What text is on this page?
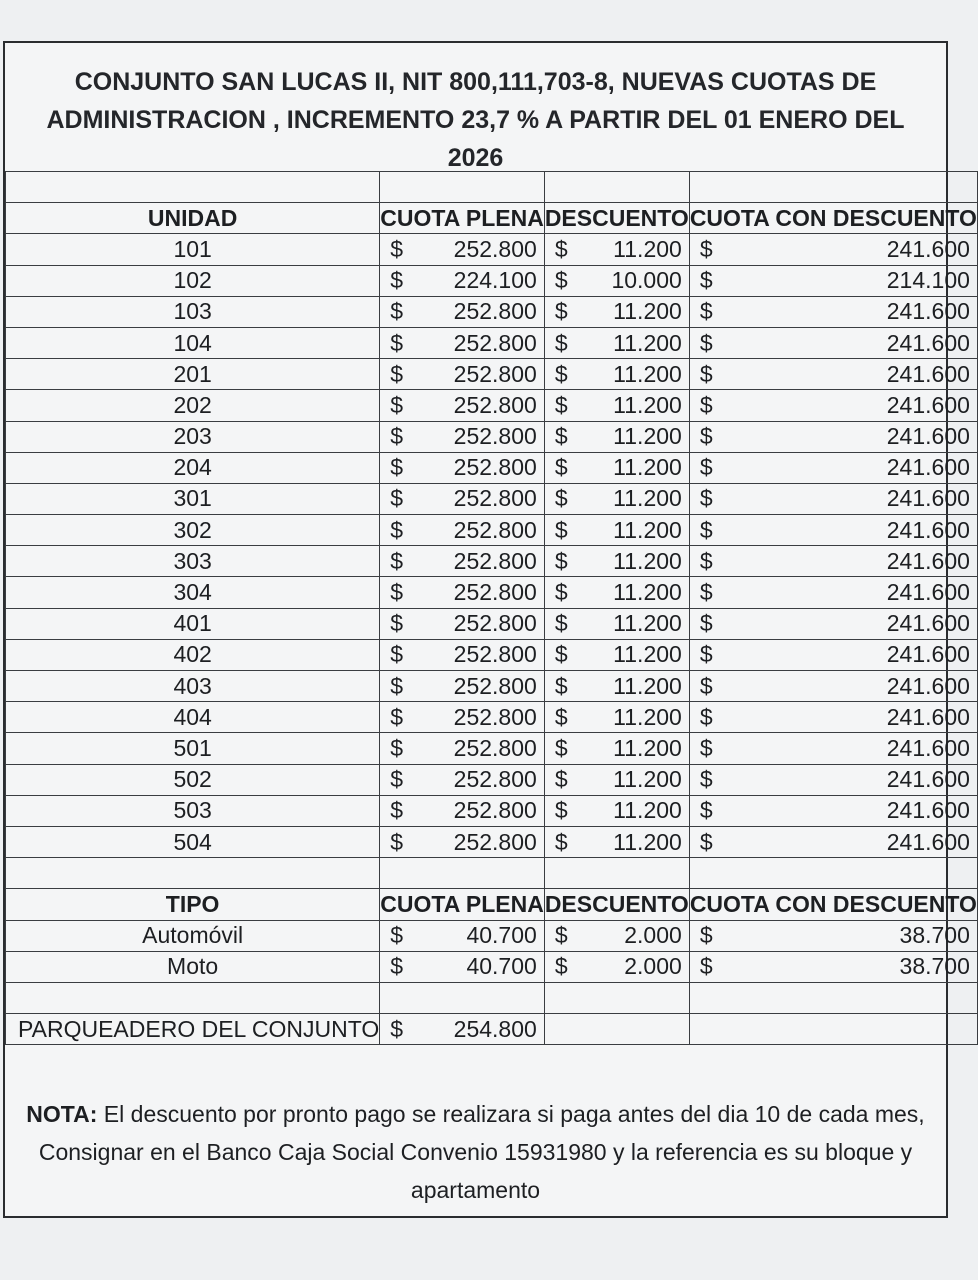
CONJUNTO SAN LUCAS II, NIT 800,111,703-8, NUEVAS CUOTAS DE
ADMINISTRACION , INCREMENTO 23,7 % A PARTIR DEL 01 ENERO DEL
2026

UNIDAD	CUOTA PLENA	DESCUENTO	CUOTA CON DESCUENTO
101	$ 252.800	$ 11.200	$ 241.600

102	$ 224.100	$ 10.000	$ 214.100

103	$ 252.800	$ 11.200	$ 241.600

104	$ 252.800	$ 11.200	$ 241.600

201	$ 252.800	$ 11.200	$ 241.600

202	$ 252.800	$ 11.200	$ 241.600

203	$ 252.800	$ 11.200	$ 241.600

204	$ 252.800	$ 11.200	$ 241.600

301	$ 252.800	$ 11.200	$ 241.600

302	$ 252.800	$ 11.200	$ 241.600

303	$ 252.800	$ 11.200	$ 241.600

304	$ 252.800	$ 11.200	$ 241.600

401	$ 252.800	$ 11.200	$ 241.600

402	$ 252.800	$ 11.200	$ 241.600

403	$ 252.800	$ 11.200	$ 241.600

404	$ 252.800	$ 11.200	$ 241.600

501	$ 252.800	$ 11.200	$ 241.600

502	$ 252.800	$ 11.200	$ 241.600

503	$ 252.800	$ 11.200	$ 241.600

504	$ 252.800	$ 11.200	$ 241.600

TIPO	CUOTA PLENA	DESCUENTO	CUOTA CON DESCUENTO
Automóvil	$ 40.700	$ 2.000	$ 38.700

Moto	$ 40.700	$ 2.000	$ 38.700

PARQUEADERO DEL CONJUNTO	$ 254.800		

NOTA: El descuento por pronto pago se realizara si paga antes del dia 10 de cada mes, Consignar en el Banco Caja Social Convenio 15931980 y la referencia es su bloque y apartamento
